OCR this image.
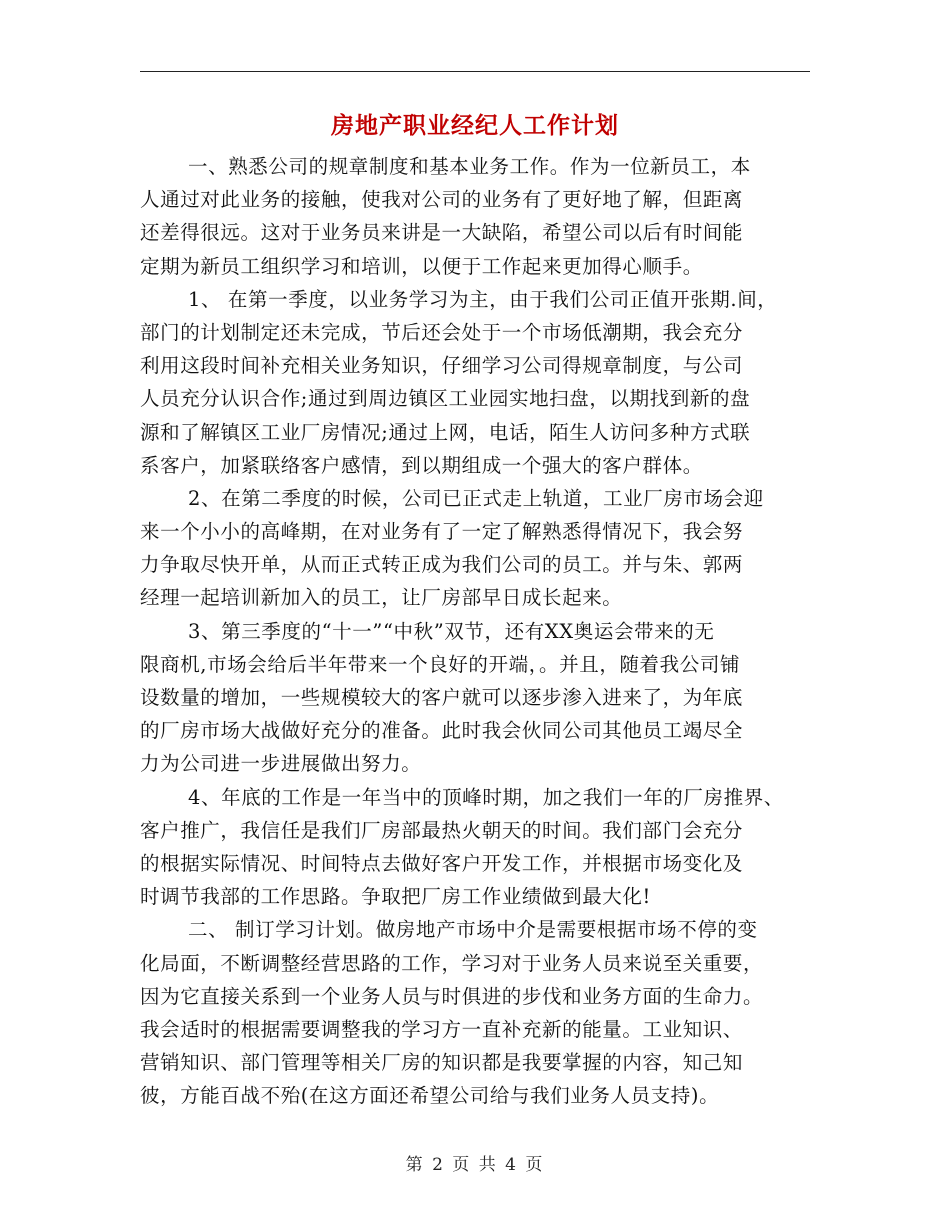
房地产职业经纪人工作计划
一、熟悉公司的规章制度和基本业务工作。作为一位新员工，本
人通过对此业务的接触，使我对公司的业务有了更好地了解，但距离
还差得很远。这对于业务员来讲是一大缺陷，希望公司以后有时间能
定期为新员工组织学习和培训，以便于工作起来更加得心顺手。
1、 在第一季度，以业务学习为主，由于我们公司正值开张期.间，
部门的计划制定还未完成，节后还会处于一个市场低潮期，我会充分
利用这段时间补充相关业务知识，仔细学习公司得规章制度，与公司
人员充分认识合作;通过到周边镇区工业园实地扫盘，以期找到新的盘
源和了解镇区工业厂房情况;通过上网，电话，陌生人访问多种方式联
系客户，加紧联络客户感情，到以期组成一个强大的客户群体。
2、在第二季度的时候，公司已正式走上轨道，工业厂房市场会迎
来一个小小的高峰期，在对业务有了一定了解熟悉得情况下，我会努
力争取尽快开单，从而正式转正成为我们公司的员工。并与朱、郭两
经理一起培训新加入的员工，让厂房部早日成长起来。
3、第三季度的“十一”“中秋”双节，还有XX奥运会带来的无
限商机,市场会给后半年带来一个良好的开端，。并且，随着我公司铺
设数量的增加，一些规模较大的客户就可以逐步渗入进来了，为年底
的厂房市场大战做好充分的准备。此时我会伙同公司其他员工竭尽全
力为公司进一步进展做出努力。
4、年底的工作是一年当中的顶峰时期，加之我们一年的厂房推界、
客户推广，我信任是我们厂房部最热火朝天的时间。我们部门会充分
的根据实际情况、时间特点去做好客户开发工作，并根据市场变化及
时调节我部的工作思路。争取把厂房工作业绩做到最大化!
二、 制订学习计划。做房地产市场中介是需要根据市场不停的变
化局面，不断调整经营思路的工作，学习对于业务人员来说至关重要，
因为它直接关系到一个业务人员与时俱进的步伐和业务方面的生命力。
我会适时的根据需要调整我的学习方一直补充新的能量。工业知识、
营销知识、部门管理等相关厂房的知识都是我要掌握的内容，知己知
彼，方能百战不殆(在这方面还希望公司给与我们业务人员支持)。
第 2 页 共 4 页
